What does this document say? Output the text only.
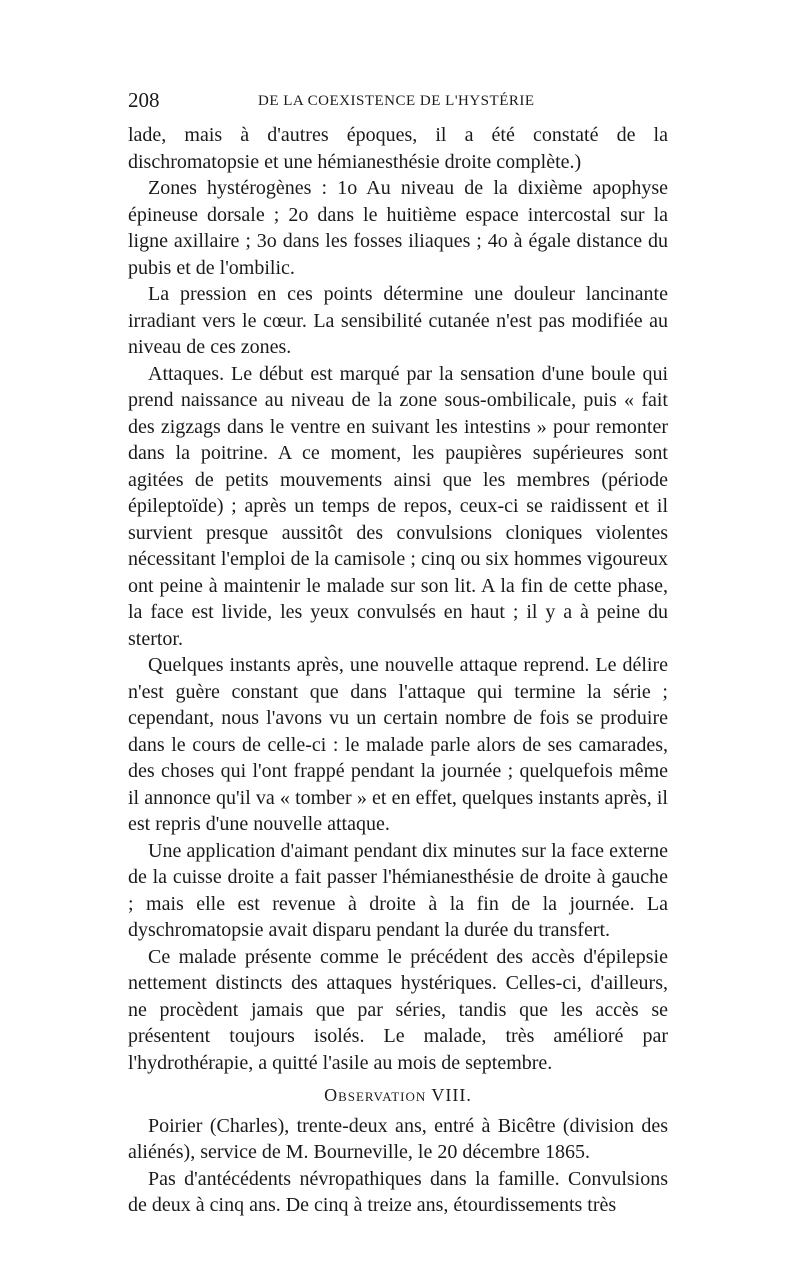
208	DE LA COEXISTENCE DE L'HYSTÉRIE

lade, mais à d'autres époques, il a été constaté de la dischromatopsie et une hémianesthésie droite complète.)

Zones hystérogènes : 1o Au niveau de la dixième apophyse épineuse dorsale ; 2o dans le huitième espace intercostal sur la ligne axillaire ; 3o dans les fosses iliaques ; 4o à égale distance du pubis et de l'ombilic.

La pression en ces points détermine une douleur lancinante irradiant vers le cœur. La sensibilité cutanée n'est pas modifiée au niveau de ces zones.

Attaques. Le début est marqué par la sensation d'une boule qui prend naissance au niveau de la zone sous-ombilicale, puis « fait des zigzags dans le ventre en suivant les intestins » pour remonter dans la poitrine. A ce moment, les paupières supérieures sont agitées de petits mouvements ainsi que les membres (période épileptoïde) ; après un temps de repos, ceux-ci se raidissent et il survient presque aussitôt des convulsions cloniques violentes nécessitant l'emploi de la camisole ; cinq ou six hommes vigoureux ont peine à maintenir le malade sur son lit. A la fin de cette phase, la face est livide, les yeux convulsés en haut ; il y a à peine du stertor.

Quelques instants après, une nouvelle attaque reprend. Le délire n'est guère constant que dans l'attaque qui termine la série ; cependant, nous l'avons vu un certain nombre de fois se produire dans le cours de celle-ci : le malade parle alors de ses camarades, des choses qui l'ont frappé pendant la journée ; quelquefois même il annonce qu'il va « tomber » et en effet, quelques instants après, il est repris d'une nouvelle attaque.

Une application d'aimant pendant dix minutes sur la face externe de la cuisse droite a fait passer l'hémianesthésie de droite à gauche ; mais elle est revenue à droite à la fin de la journée. La dyschromatopsie avait disparu pendant la durée du transfert.

Ce malade présente comme le précédent des accès d'épilepsie nettement distincts des attaques hystériques. Celles-ci, d'ailleurs, ne procèdent jamais que par séries, tandis que les accès se présentent toujours isolés. Le malade, très amélioré par l'hydrothérapie, a quitté l'asile au mois de septembre.

Observation VIII.

Poirier (Charles), trente-deux ans, entré à Bicêtre (division des aliénés), service de M. Bourneville, le 20 décembre 1865.

Pas d'antécédents névropathiques dans la famille. Convulsions de deux à cinq ans. De cinq à treize ans, étourdissements très
